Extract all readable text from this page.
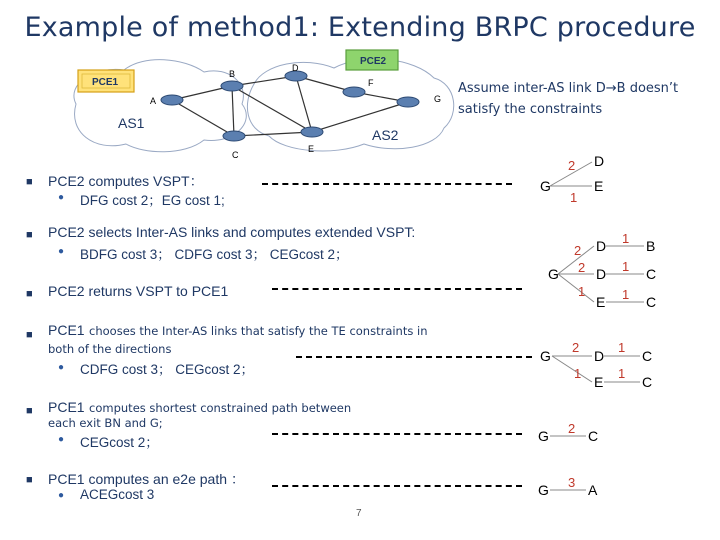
Example of method1: Extending BRPC procedure
A
B
C
D
E
F
G
PCE1
PCE2
AS1
AS2
Assume inter-AS link D→B doesn’t
satisfy the constraints
■ PCE2 computes VSPT：
● DFG cost 2；EG cost 1;
■ PCE2 selects Inter-AS links and computes extended VSPT:
● BDFG cost 3； CDFG cost 3； CEGcost 2；
■ PCE2 returns VSPT to PCE1
■ PCE1 chooses the Inter-AS links that satisfy the TE constraints in
both of the directions
● CDFG cost 3； CEGcost 2；
■ PCE1 computes shortest constrained path between
each exit BN and G;
● CEGcost 2；
■ PCE1 computes an e2e path ：
● ACEGcost 3
G
D
E
2
1
G
D
D
E
B
C
C
2
2
1
1
1
1
G	D
E
C
C
2
1
1
1
G	C
2
G	A
3
7
